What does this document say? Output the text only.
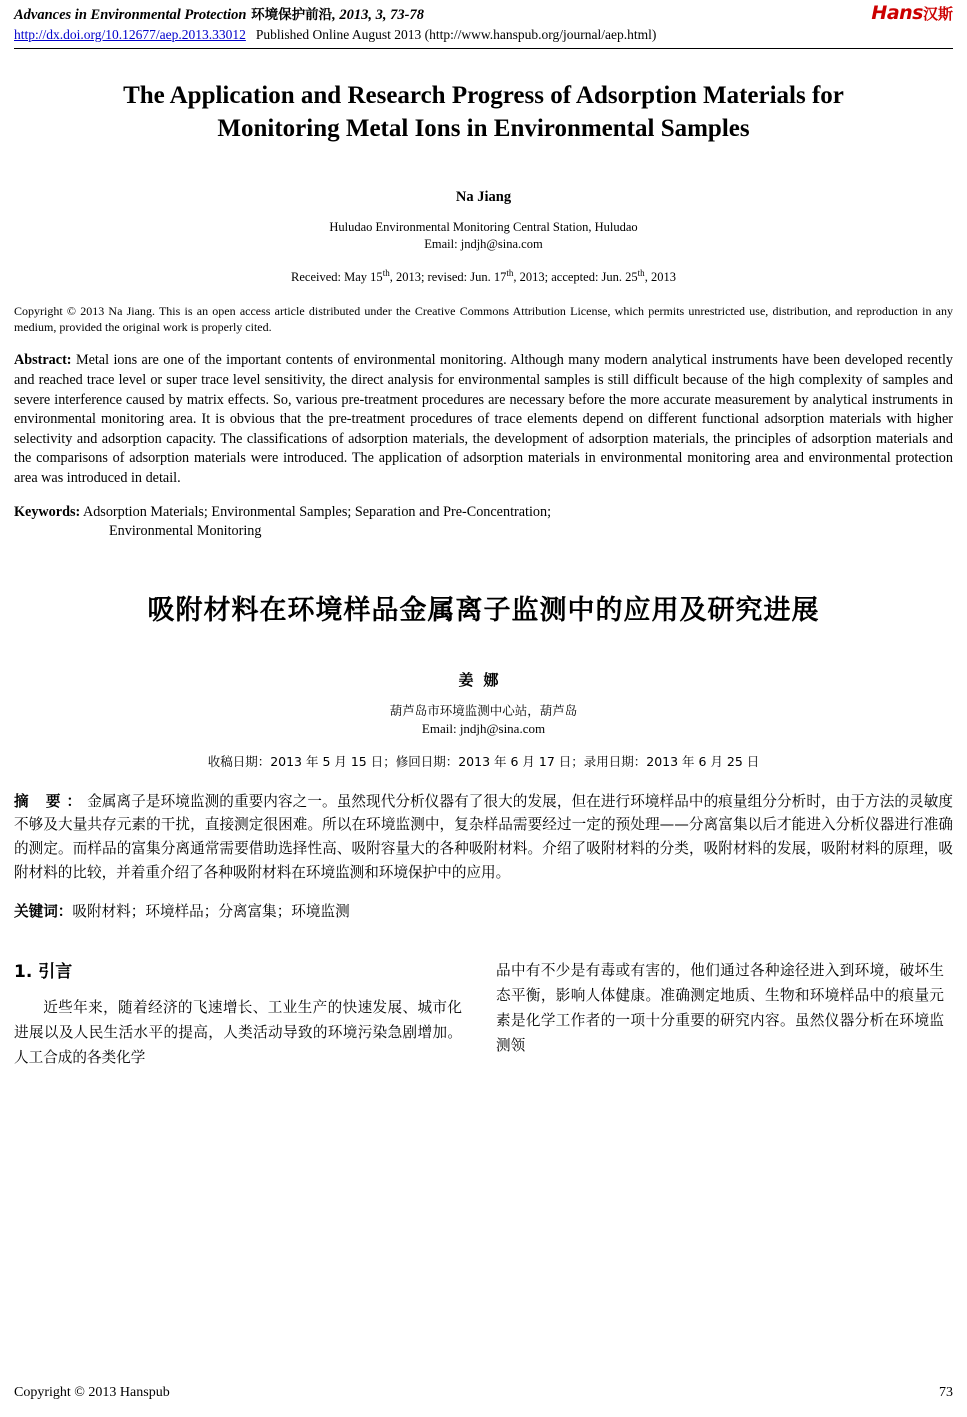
Advances in Environmental Protection 环境保护前沿, 2013, 3, 73-78
http://dx.doi.org/10.12677/aep.2013.33012 Published Online August 2013 (http://www.hanspub.org/journal/aep.html)
Hans汉斯
The Application and Research Progress of Adsorption Materials for Monitoring Metal Ions in Environmental Samples
Na Jiang
Huludao Environmental Monitoring Central Station, Huludao
Email: jndjh@sina.com
Received: May 15th, 2013; revised: Jun. 17th, 2013; accepted: Jun. 25th, 2013
Copyright © 2013 Na Jiang. This is an open access article distributed under the Creative Commons Attribution License, which permits unrestricted use, distribution, and reproduction in any medium, provided the original work is properly cited.
Abstract: Metal ions are one of the important contents of environmental monitoring. Although many modern analytical instruments have been developed recently and reached trace level or super trace level sensitivity, the direct analysis for environmental samples is still difficult because of the high complexity of samples and severe interference caused by matrix effects. So, various pre-treatment procedures are necessary before the more accurate measurement by analytical instruments in environmental monitoring area. It is obvious that the pre-treatment procedures of trace elements depend on different functional adsorption materials with higher selectivity and adsorption capacity. The classifications of adsorption materials, the development of adsorption materials, the principles of adsorption materials and the comparisons of adsorption materials were introduced. The application of adsorption materials in environmental monitoring area and environmental protection area was introduced in detail.
Keywords: Adsorption Materials; Environmental Samples; Separation and Pre-Concentration;
Environmental Monitoring
吸附材料在环境样品金属离子监测中的应用及研究进展
姜娜
葫芦岛市环境监测中心站，葫芦岛
Email: jndjh@sina.com
收稿日期：2013 年 5 月 15 日；修回日期：2013 年 6 月 17 日；录用日期：2013 年 6 月 25 日
摘 要：金属离子是环境监测的重要内容之一。虽然现代分析仪器有了很大的发展，但在进行环境样品中的痕量组分分析时，由于方法的灵敏度不够及大量共存元素的干扰，直接测定很困难。所以在环境监测中，复杂样品需要经过一定的预处理——分离富集以后才能进入分析仪器进行准确的测定。而样品的富集分离通常需要借助选择性高、吸附容量大的各种吸附材料。介绍了吸附材料的分类，吸附材料的发展，吸附材料的原理，吸附材料的比较，并着重介绍了各种吸附材料在环境监测和环境保护中的应用。
关键词：吸附材料；环境样品；分离富集；环境监测
1. 引言

近些年来，随着经济的飞速增长、工业生产的快速发展、城市化进展以及人民生活水平的提高，人类活动导致的环境污染急剧增加。人工合成的各类化学

品中有不少是有毒或有害的，他们通过各种途径进入到环境，破坏生态平衡，影响人体健康。准确测定地质、生物和环境样品中的痕量元素是化学工作者的一项十分重要的研究内容。虽然仪器分析在环境监测领

Copyright © 2013 Hanspub	73
